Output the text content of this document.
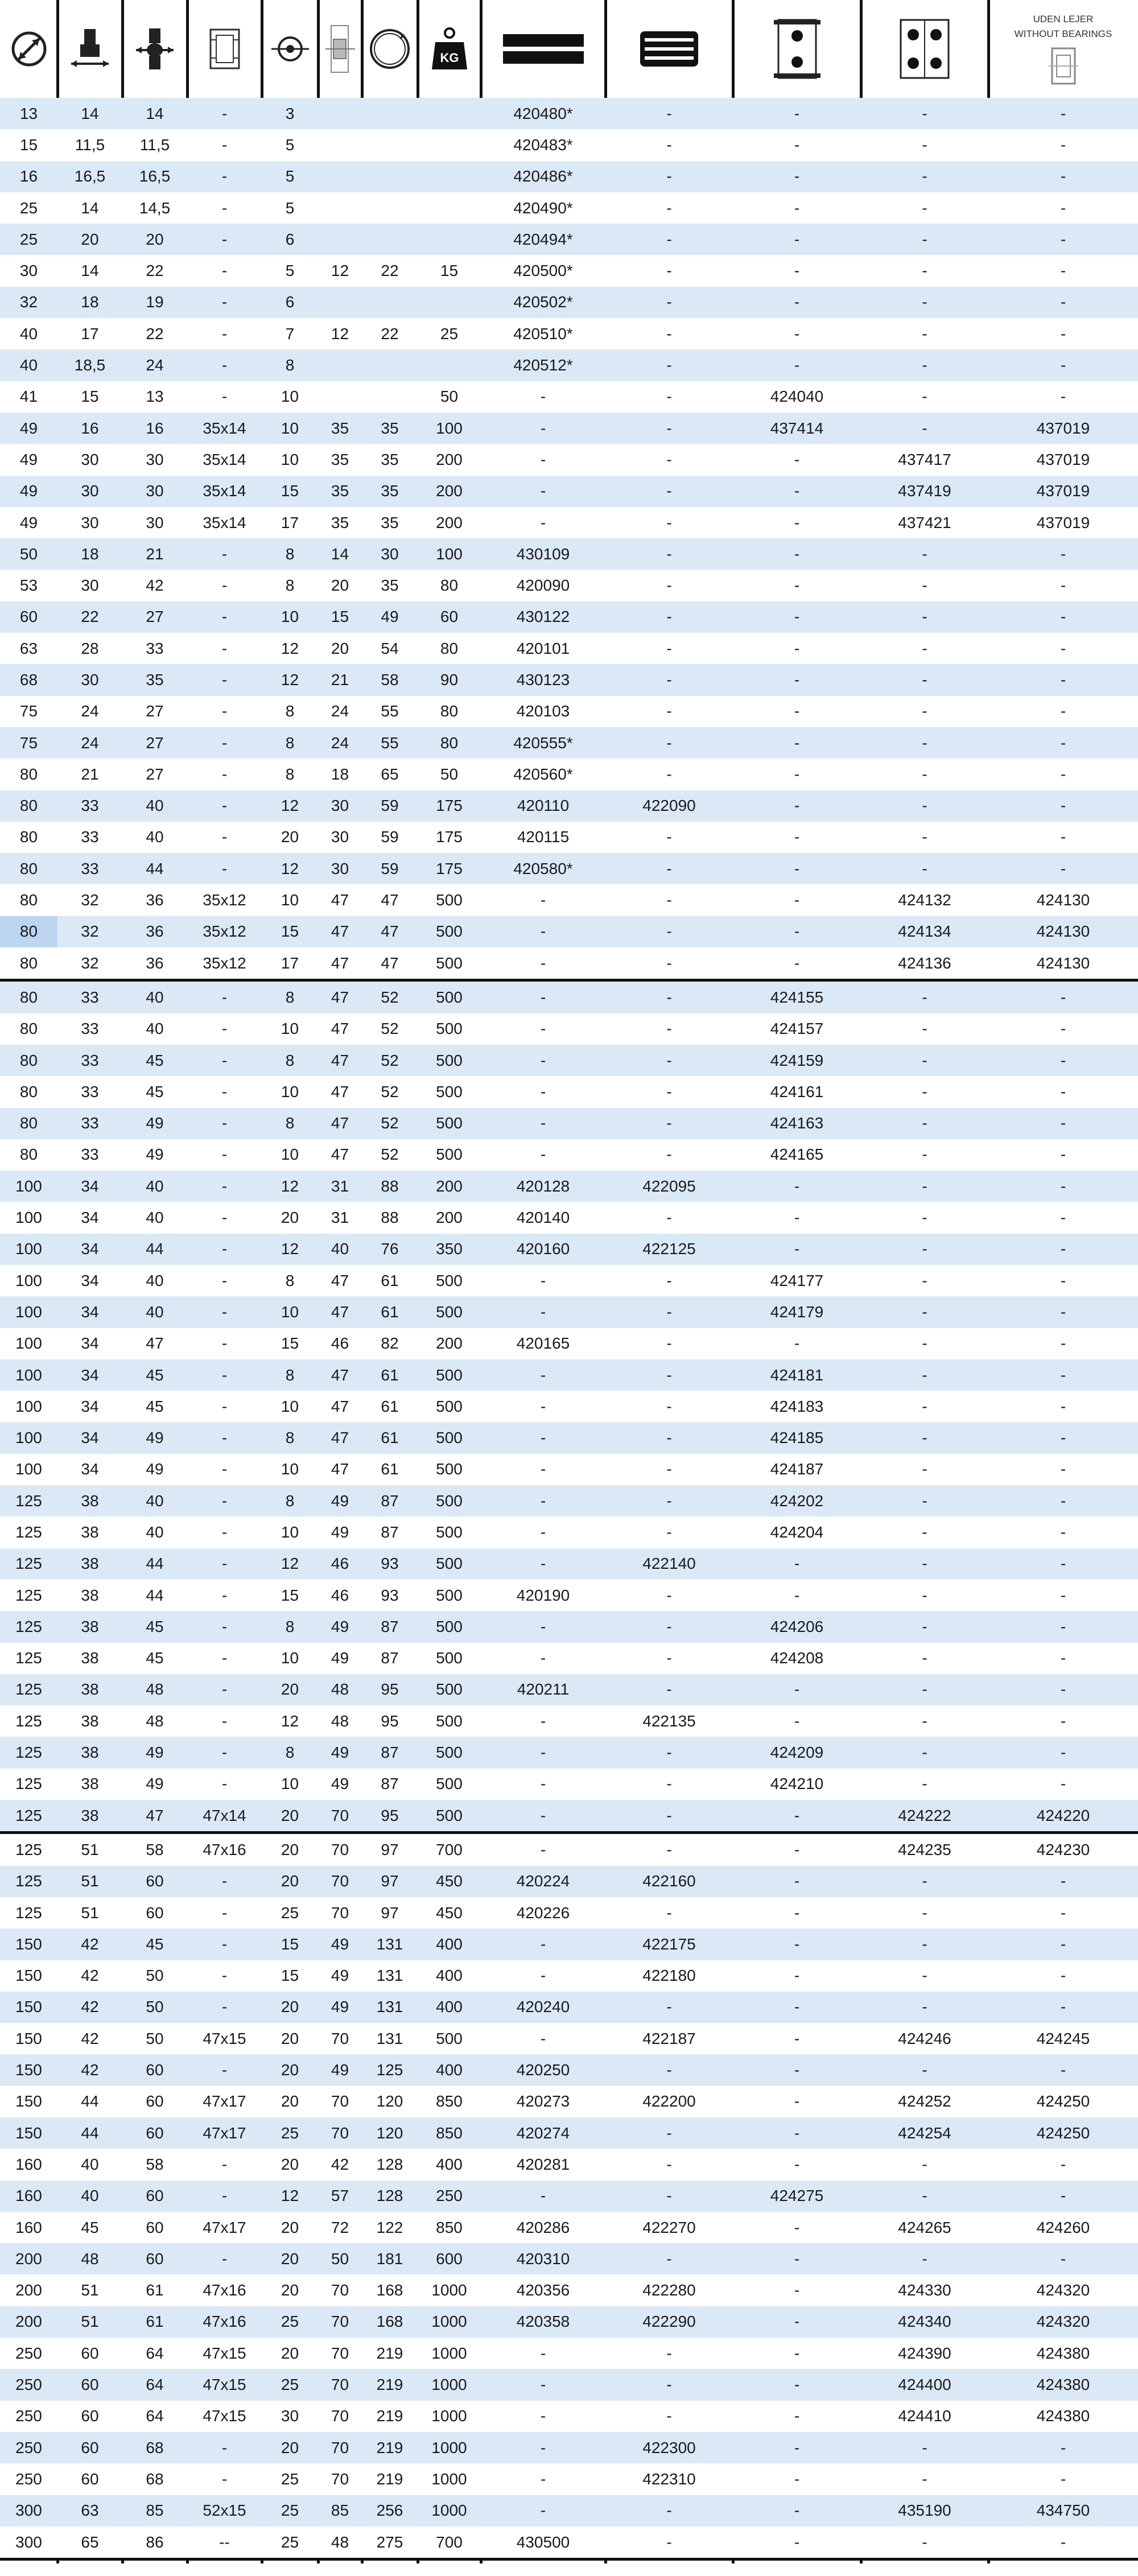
KG

UDEN LEJER
WITHOUT BEARINGS
13	14	14	-	3				420480*	-	-	-	-
15	11,5	11,5	-	5				420483*	-	-	-	-
16	16,5	16,5	-	5				420486*	-	-	-	-
25	14	14,5	-	5				420490*	-	-	-	-
25	20	20	-	6				420494*	-	-	-	-
30	14	22	-	5	12	22	15	420500*	-	-	-	-
32	18	19	-	6				420502*	-	-	-	-
40	17	22	-	7	12	22	25	420510*	-	-	-	-
40	18,5	24	-	8				420512*	-	-	-	-
41	15	13	-	10			50	-	-	424040	-	-
49	16	16	35x14	10	35	35	100	-	-	437414	-	437019
49	30	30	35x14	10	35	35	200	-	-	-	437417	437019
49	30	30	35x14	15	35	35	200	-	-	-	437419	437019
49	30	30	35x14	17	35	35	200	-	-	-	437421	437019
50	18	21	-	8	14	30	100	430109	-	-	-	-
53	30	42	-	8	20	35	80	420090	-	-	-	-
60	22	27	-	10	15	49	60	430122	-	-	-	-
63	28	33	-	12	20	54	80	420101	-	-	-	-
68	30	35	-	12	21	58	90	430123	-	-	-	-
75	24	27	-	8	24	55	80	420103	-	-	-	-
75	24	27	-	8	24	55	80	420555*	-	-	-	-
80	21	27	-	8	18	65	50	420560*	-	-	-	-
80	33	40	-	12	30	59	175	420110	422090	-	-	-
80	33	40	-	20	30	59	175	420115	-	-	-	-
80	33	44	-	12	30	59	175	420580*	-	-	-	-
80	32	36	35x12	10	47	47	500	-	-	-	424132	424130
80	32	36	35x12	15	47	47	500	-	-	-	424134	424130
80	32	36	35x12	17	47	47	500	-	-	-	424136	424130
80	33	40	-	8	47	52	500	-	-	424155	-	-
80	33	40	-	10	47	52	500	-	-	424157	-	-
80	33	45	-	8	47	52	500	-	-	424159	-	-
80	33	45	-	10	47	52	500	-	-	424161	-	-
80	33	49	-	8	47	52	500	-	-	424163	-	-
80	33	49	-	10	47	52	500	-	-	424165	-	-
100	34	40	-	12	31	88	200	420128	422095	-	-	-
100	34	40	-	20	31	88	200	420140	-	-	-	-
100	34	44	-	12	40	76	350	420160	422125	-	-	-
100	34	40	-	8	47	61	500	-	-	424177	-	-
100	34	40	-	10	47	61	500	-	-	424179	-	-
100	34	47	-	15	46	82	200	420165	-	-	-	-
100	34	45	-	8	47	61	500	-	-	424181	-	-
100	34	45	-	10	47	61	500	-	-	424183	-	-
100	34	49	-	8	47	61	500	-	-	424185	-	-
100	34	49	-	10	47	61	500	-	-	424187	-	-
125	38	40	-	8	49	87	500	-	-	424202	-	-
125	38	40	-	10	49	87	500	-	-	424204	-	-
125	38	44	-	12	46	93	500	-	422140	-	-	-
125	38	44	-	15	46	93	500	420190	-	-	-	-
125	38	45	-	8	49	87	500	-	-	424206	-	-
125	38	45	-	10	49	87	500	-	-	424208	-	-
125	38	48	-	20	48	95	500	420211	-	-	-	-
125	38	48	-	12	48	95	500	-	422135	-	-	-
125	38	49	-	8	49	87	500	-	-	424209	-	-
125	38	49	-	10	49	87	500	-	-	424210	-	-
125	38	47	47x14	20	70	95	500	-	-	-	424222	424220
125	51	58	47x16	20	70	97	700	-	-	-	424235	424230
125	51	60	-	20	70	97	450	420224	422160	-	-	-
125	51	60	-	25	70	97	450	420226	-	-	-	-
150	42	45	-	15	49	131	400	-	422175	-	-	-
150	42	50	-	15	49	131	400	-	422180	-	-	-
150	42	50	-	20	49	131	400	420240	-	-	-	-
150	42	50	47x15	20	70	131	500	-	422187	-	424246	424245
150	42	60	-	20	49	125	400	420250	-	-	-	-
150	44	60	47x17	20	70	120	850	420273	422200	-	424252	424250
150	44	60	47x17	25	70	120	850	420274	-	-	424254	424250
160	40	58	-	20	42	128	400	420281	-	-	-	-
160	40	60	-	12	57	128	250	-	-	424275	-	-
160	45	60	47x17	20	72	122	850	420286	422270	-	424265	424260
200	48	60	-	20	50	181	600	420310	-	-	-	-
200	51	61	47x16	20	70	168	1000	420356	422280	-	424330	424320
200	51	61	47x16	25	70	168	1000	420358	422290	-	424340	424320
250	60	64	47x15	20	70	219	1000	-	-	-	424390	424380
250	60	64	47x15	25	70	219	1000	-	-	-	424400	424380
250	60	64	47x15	30	70	219	1000	-	-	-	424410	424380
250	60	68	-	20	70	219	1000	-	422300	-	-	-
250	60	68	-	25	70	219	1000	-	422310	-	-	-
300	63	85	52x15	25	85	256	1000	-	-	-	435190	434750
300	65	86	--	25	48	275	700	430500	-	-	-	-
